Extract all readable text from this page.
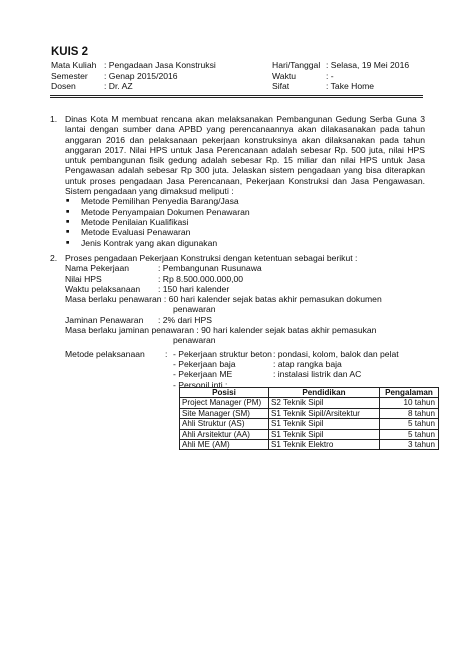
KUIS 2
Mata Kuliah : Pengadaan Jasa Konstruksi	Hari/Tanggal : Selasa, 19 Mei 2016
Semester : Genap 2015/2016	Waktu	: -
Dosen	: Dr. AZ	Sifat	: Take Home
1. Dinas Kota M membuat rencana akan melaksanakan Pembangunan Gedung Serba Guna 3 lantai dengan sumber dana APBD yang perencanaannya akan dilakasanakan pada tahun anggaran 2016 dan pelaksanaan pekerjaan konstruksinya akan dilaksanakan pada tahun anggaran 2017. Nilai HPS untuk Jasa Perencanaan adalah sebesar Rp. 500 juta, nilai HPS untuk pembangunan fisik gedung adalah sebesar Rp. 15 miliar dan nilai HPS untuk Jasa Pengawasan adalah sebesar Rp 300 juta. Jelaskan sistem pengadaan yang bisa diterapkan untuk proses pengadaan Jasa Perencanaan, Pekerjaan Konstruksi dan Jasa Pengawasan. Sistem pengadaan yang dimaksud meliputi :
■ Metode Pemilihan Penyedia Barang/Jasa
■ Metode Penyampaian Dokumen Penawaran
■ Metode Penilaian Kualifikasi
■ Metode Evaluasi Penawaran
■ Jenis Kontrak yang akan digunakan
2. Proses pengadaan Pekerjaan Konstruksi dengan ketentuan sebagai berikut :
Nama Pekerjaan	: Pembangunan Rusunawa
Nilai HPS	: Rp 8.500.000.000,00
Waktu pelaksanaan : 150 hari kalender
Masa berlaku penawaran : 60 hari kalender sejak batas akhir pemasukan dokumen
penawaran
Jaminan Penawaran : 2% dari HPS
Masa berlaku jaminan penawaran : 90 hari kalender sejak batas akhir pemasukan
penawaran
Metode pelaksanaan : - Pekerjaan struktur beton : pondasi, kolom, balok dan pelat
- Pekerjaan baja	: atap rangka baja
- Pekerjaan ME	: instalasi listrik dan AC
- Personil inti :
Posisi	Pendidikan	Pengalaman
Project Manager (PM)	S2 Teknik Sipil	10 tahun
Site Manager (SM)	S1 Teknik Sipil/Arsitektur	8 tahun
Ahli Struktur (AS)	S1 Teknik Sipil	5 tahun
Ahli Arsitektur (AA)	S1 Teknik Sipil	5 tahun
Ahli ME (AM)	S1 Teknik Elektro	3 tahun
